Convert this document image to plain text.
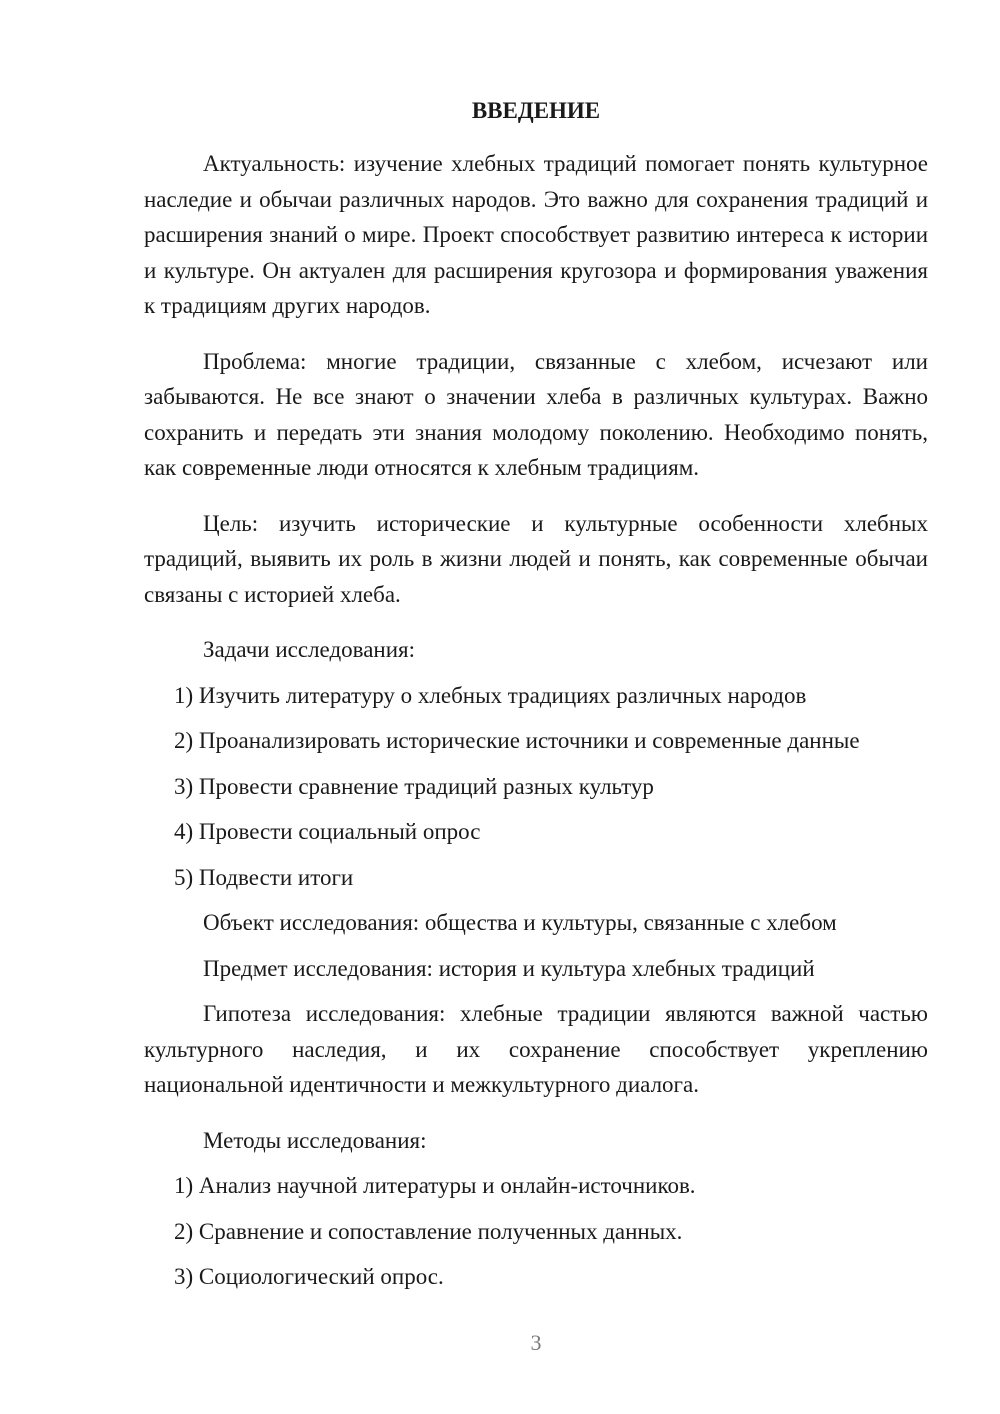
ВВЕДЕНИЕ

Актуальность: изучение хлебных традиций помогает понять культурное наследие и обычаи различных народов. Это важно для сохранения традиций и расширения знаний о мире. Проект способствует развитию интереса к истории и культуре. Он актуален для расширения кругозора и формирования уважения к традициям других народов.

Проблема: многие традиции, связанные с хлебом, исчезают или забываются. Не все знают о значении хлеба в различных культурах. Важно сохранить и передать эти знания молодому поколению. Необходимо понять, как современные люди относятся к хлебным традициям.

Цель: изучить исторические и культурные особенности хлебных традиций, выявить их роль в жизни людей и понять, как современные обычаи связаны с историей хлеба.

Задачи исследования:

1) Изучить литературу о хлебных традициях различных народов

2) Проанализировать исторические источники и современные данные

3) Провести сравнение традиций разных культур

4) Провести социальный опрос

5) Подвести итоги

Объект исследования: общества и культуры, связанные с хлебом

Предмет исследования: история и культура хлебных традиций

Гипотеза исследования: хлебные традиции являются важной частью культурного наследия, и их сохранение способствует укреплению национальной идентичности и межкультурного диалога.

Методы исследования:

1) Анализ научной литературы и онлайн-источников.

2) Сравнение и сопоставление полученных данных.

3) Социологический опрос.

3
